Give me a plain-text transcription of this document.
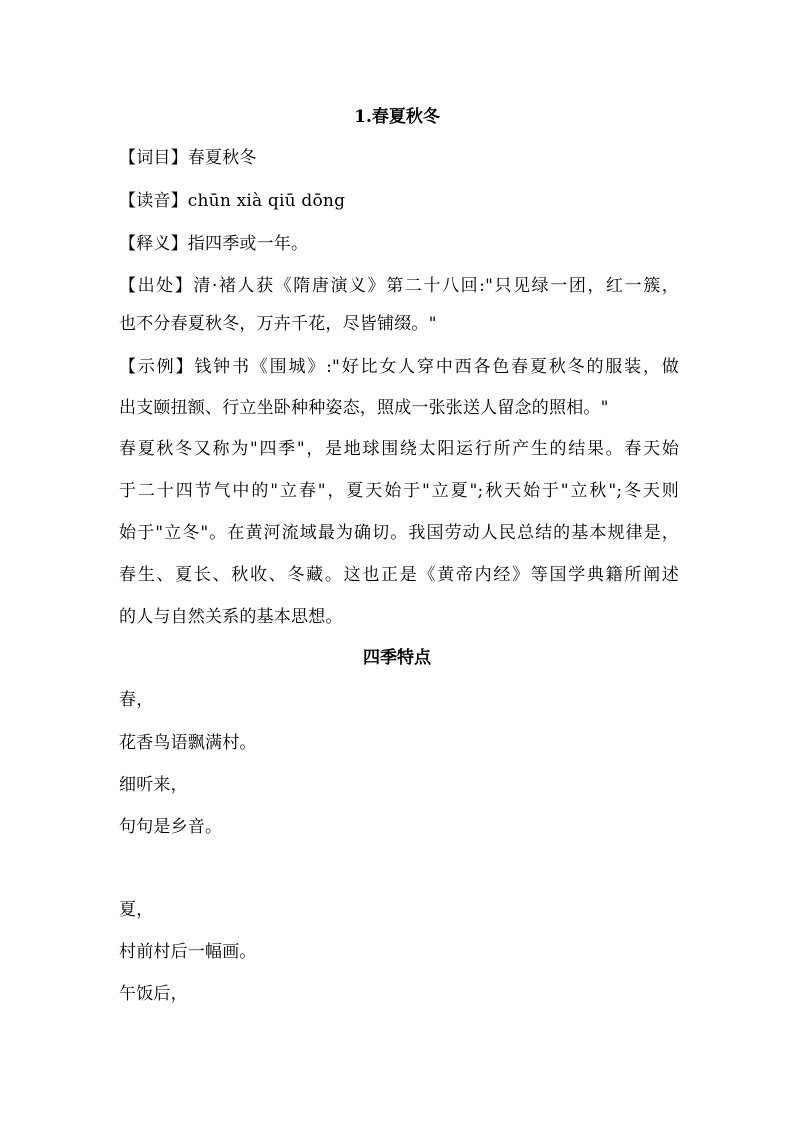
1.春夏秋冬
【词目】春夏秋冬
【读音】chūn xià qiū dōng
【释义】指四季或一年。
【出处】清·褚人获《隋唐演义》第二十八回:"只见绿一团，红一簇，
也不分春夏秋冬，万卉千花，尽皆铺缀。"
【示例】钱钟书《围城》:"好比女人穿中西各色春夏秋冬的服装，做
出支颐扭额、行立坐卧种种姿态，照成一张张送人留念的照相。"
春夏秋冬又称为"四季"，是地球围绕太阳运行所产生的结果。春天始
于二十四节气中的"立春"，夏天始于"立夏";秋天始于"立秋";冬天则
始于"立冬"。在黄河流域最为确切。我国劳动人民总结的基本规律是，
春生、夏长、秋收、冬藏。这也正是《黄帝内经》等国学典籍所阐述
的人与自然关系的基本思想。
四季特点
春，
花香鸟语飘满村。
细听来，
句句是乡音。
夏，
村前村后一幅画。
午饭后，
